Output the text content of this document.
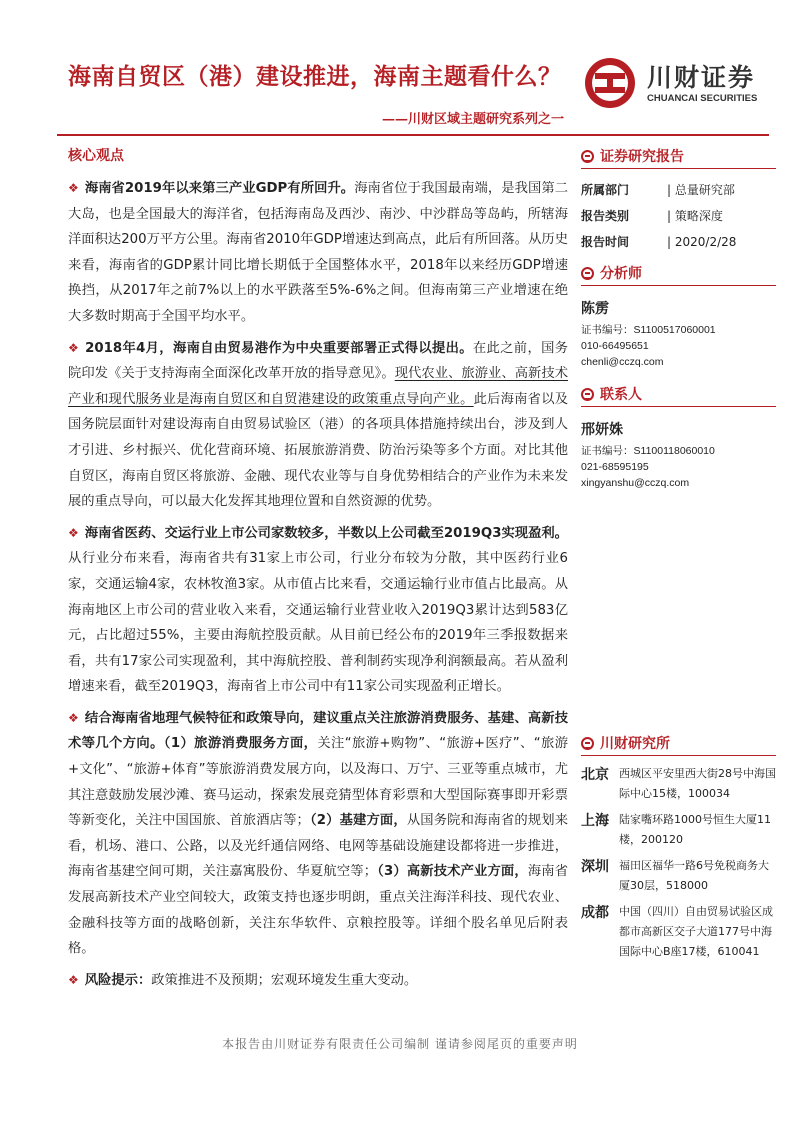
海南自贸区（港）建设推进，海南主题看什么？
——川财区域主题研究系列之一
川财证券
CHUANCAI SECURITIES
核心观点
❖ 海南省2019年以来第三产业GDP有所回升。海南省位于我国最南端，是我国第二大岛，也是全国最大的海洋省，包括海南岛及西沙、南沙、中沙群岛等岛屿，所辖海洋面积达200万平方公里。海南省2010年GDP增速达到高点，此后有所回落。从历史来看，海南省的GDP累计同比增长期低于全国整体水平，2018年以来经历GDP增速换挡，从2017年之前7%以上的水平跌落至5%-6%之间。但海南第三产业增速在绝大多数时期高于全国平均水平。
❖ 2018年4月，海南自由贸易港作为中央重要部署正式得以提出。在此之前，国务院印发《关于支持海南全面深化改革开放的指导意见》。现代农业、旅游业、高新技术产业和现代服务业是海南自贸区和自贸港建设的政策重点导向产业。此后海南省以及国务院层面针对建设海南自由贸易试验区（港）的各项具体措施持续出台，涉及到人才引进、乡村振兴、优化营商环境、拓展旅游消费、防治污染等多个方面。对比其他自贸区，海南自贸区将旅游、金融、现代农业等与自身优势相结合的产业作为未来发展的重点导向，可以最大化发挥其地理位置和自然资源的优势。
❖ 海南省医药、交运行业上市公司家数较多，半数以上公司截至2019Q3实现盈利。从行业分布来看，海南省共有31家上市公司，行业分布较为分散，其中医药行业6家，交通运输4家，农林牧渔3家。从市值占比来看，交通运输行业市值占比最高。从海南地区上市公司的营业收入来看，交通运输行业营业收入2019Q3累计达到583亿元，占比超过55%，主要由海航控股贡献。从目前已经公布的2019年三季报数据来看，共有17家公司实现盈利，其中海航控股、普利制药实现净利润额最高。若从盈利增速来看，截至2019Q3，海南省上市公司中有11家公司实现盈利正增长。
❖ 结合海南省地理气候特征和政策导向，建议重点关注旅游消费服务、基建、高新技术等几个方向。（1）旅游消费服务方面，关注“旅游+购物”、“旅游+医疗”、“旅游+文化”、“旅游+体育”等旅游消费发展方向，以及海口、万宁、三亚等重点城市，尤其注意鼓励发展沙滩、赛马运动，探索发展竞猜型体育彩票和大型国际赛事即开彩票等新变化，关注中国国旅、首旅酒店等；（2）基建方面，从国务院和海南省的规划来看，机场、港口、公路，以及光纤通信网络、电网等基础设施建设都将进一步推进，海南省基建空间可期，关注嘉寓股份、华夏航空等；（3）高新技术产业方面，海南省发展高新技术产业空间较大，政策支持也逐步明朗，重点关注海洋科技、现代农业、金融科技等方面的战略创新，关注东华软件、京粮控股等。详细个股名单见后附表格。
❖ 风险提示：政策推进不及预期；宏观环境发生重大变动。
证券研究报告
所属部门	| 总量研究部
报告类别	| 策略深度
报告时间	| 2020/2/28
分析师
陈雳
证书编号：S1100517060001
010-66495651
chenli@cczq.com
联系人
邢妍姝
证书编号：S1100118060010
021-68595195
xingyanshu@cczq.com
川财研究所
北京 西城区平安里西大街28号中海国际中心15楼，100034
上海 陆家嘴环路1000号恒生大厦11楼，200120
深圳 福田区福华一路6号免税商务大厦30层，518000
成都 中国（四川）自由贸易试验区成都市高新区交子大道177号中海国际中心B座17楼，610041
本报告由川财证券有限责任公司编制 谨请参阅尾页的重要声明
